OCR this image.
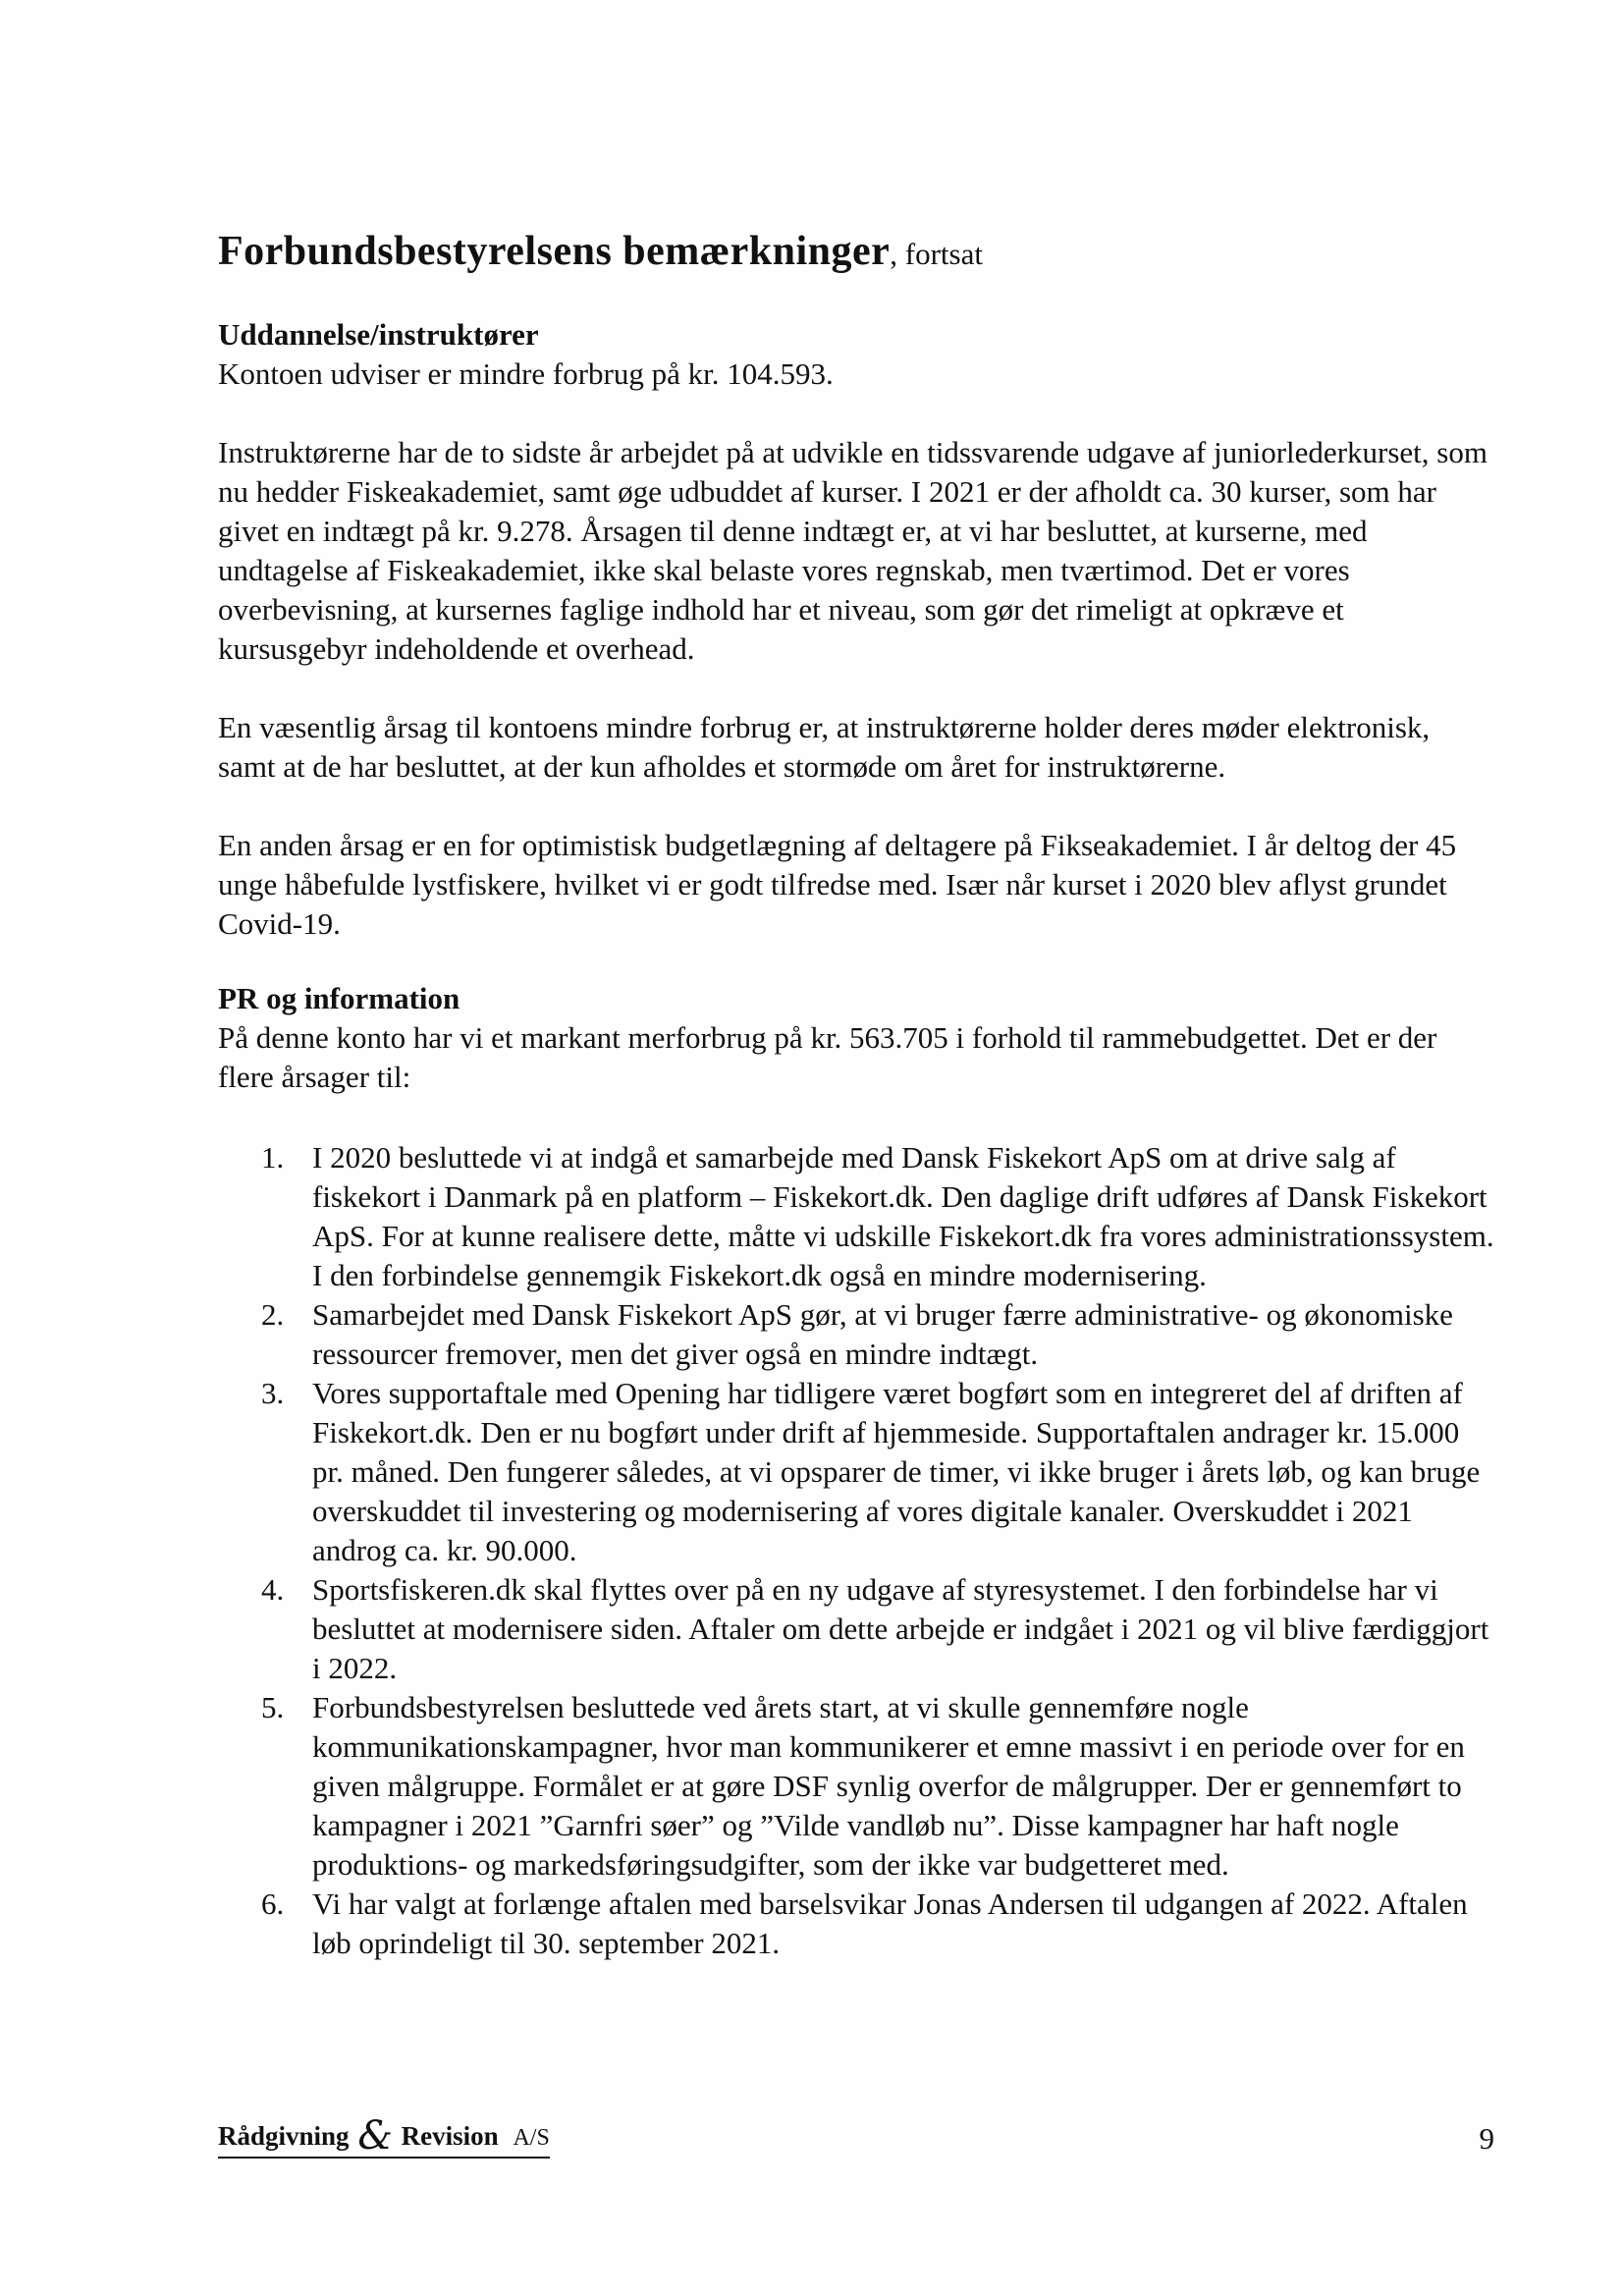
Forbundsbestyrelsens bemærkninger, fortsat

Uddannelse/instruktører

Kontoen udviser er mindre forbrug på kr. 104.593.

Instruktørerne har de to sidste år arbejdet på at udvikle en tidssvarende udgave af juniorlederkurset, som nu hedder Fiskeakademiet, samt øge udbuddet af kurser. I 2021 er der afholdt ca. 30 kurser, som har givet en indtægt på kr. 9.278. Årsagen til denne indtægt er, at vi har besluttet, at kurserne, med undtagelse af Fiskeakademiet, ikke skal belaste vores regnskab, men tværtimod. Det er vores overbevisning, at kursernes faglige indhold har et niveau, som gør det rimeligt at opkræve et kursusgebyr indeholdende et overhead.

En væsentlig årsag til kontoens mindre forbrug er, at instruktørerne holder deres møder elektronisk, samt at de har besluttet, at der kun afholdes et stormøde om året for instruktørerne.

En anden årsag er en for optimistisk budgetlægning af deltagere på Fikseakademiet. I år deltog der 45 unge håbefulde lystfiskere, hvilket vi er godt tilfredse med. Især når kurset i 2020 blev aflyst grundet Covid-19.

PR og information

På denne konto har vi et markant merforbrug på kr. 563.705 i forhold til rammebudgettet. Det er der flere årsager til:

1. I 2020 besluttede vi at indgå et samarbejde med Dansk Fiskekort ApS om at drive salg af fiskekort i Danmark på en platform – Fiskekort.dk. Den daglige drift udføres af Dansk Fiskekort ApS. For at kunne realisere dette, måtte vi udskille Fiskekort.dk fra vores administrationssystem. I den forbindelse gennemgik Fiskekort.dk også en mindre modernisering.
2. Samarbejdet med Dansk Fiskekort ApS gør, at vi bruger færre administrative- og økonomiske ressourcer fremover, men det giver også en mindre indtægt.
3. Vores supportaftale med Opening har tidligere været bogført som en integreret del af driften af Fiskekort.dk. Den er nu bogført under drift af hjemmeside. Supportaftalen andrager kr. 15.000 pr. måned. Den fungerer således, at vi opsparer de timer, vi ikke bruger i årets løb, og kan bruge overskuddet til investering og modernisering af vores digitale kanaler. Overskuddet i 2021 androg ca. kr. 90.000.
4. Sportsfiskeren.dk skal flyttes over på en ny udgave af styresystemet. I den forbindelse har vi besluttet at modernisere siden. Aftaler om dette arbejde er indgået i 2021 og vil blive færdiggjort i 2022.
5. Forbundsbestyrelsen besluttede ved årets start, at vi skulle gennemføre nogle kommunikationskampagner, hvor man kommunikerer et emne massivt i en periode over for en given målgruppe. Formålet er at gøre DSF synlig overfor de målgrupper. Der er gennemført to kampagner i 2021 ”Garnfri søer” og ”Vilde vandløb nu”. Disse kampagner har haft nogle produktions- og markedsføringsudgifter, som der ikke var budgetteret med.
6. Vi har valgt at forlænge aftalen med barselsvikar Jonas Andersen til udgangen af 2022. Aftalen løb oprindeligt til 30. september 2021.
Rådgivning & Revision A/S	9
